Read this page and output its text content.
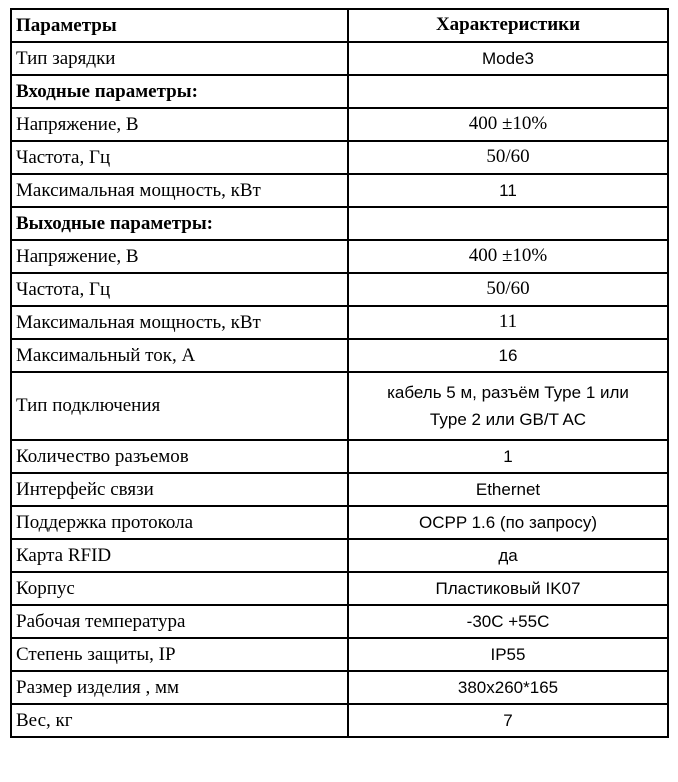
Параметры	Характеристики
Тип зарядки	Mode3
Входные параметры:	
Напряжение, В	400 ±10%
Частота, Гц	50/60
Максимальная мощность, кВт	11
Выходные параметры:	
Напряжение, В	400 ±10%
Частота, Гц	50/60
Максимальная мощность, кВт	11
Максимальный ток, А	16
Тип подключения	кабель 5 м, разъём Type 1 или
Type 2 или GB/T AC

Количество разъемов	1
Интерфейс связи	Ethernet
Поддержка протокола	OCPP 1.6 (по запросу)
Карта RFID	да
Корпус	Пластиковый IK07
Рабочая температура	-30С +55С
Степень защиты, IP	IP55
Размер изделия , мм	380х260*165
Вес, кг	7
